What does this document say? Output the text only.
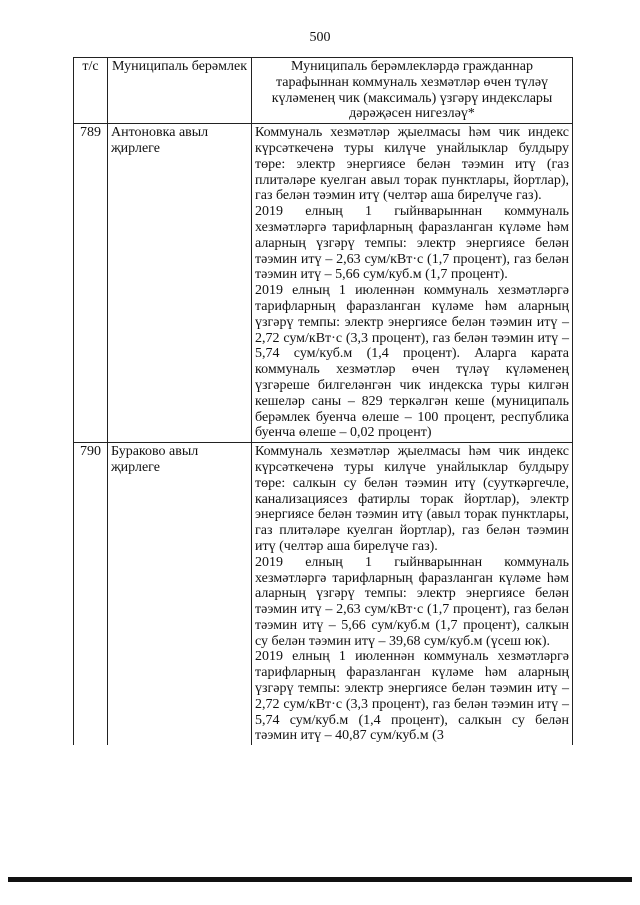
500
т/с	Муниципаль берәмлек	Муниципаль берәмлекләрдә гражданнар тарафыннан коммуналь хезмәтләр өчен түләү күләменең чик (максималь) үзгәрү индекслары дәрәҗәсен нигезләү*
789	Антоновка авыл җирлеге	Коммуналь хезмәтләр җыелмасы һәм чик индекс күрсәткеченә туры килүче унайлыклар булдыру төре: электр энергиясе белән тәэмин итү (газ плитәләре куелган авыл торак пунктлары, йортлар), газ белән тәэмин итү (челтәр аша бирелүче газ).

2019 елның 1 гыйнварыннан коммуналь хезмәтләргә тарифларның фаразланган күләме һәм аларның үзгәрү темпы: электр энергиясе белән тәэмин итү – 2,63 сум/кВт·с (1,7 процент), газ белән тәэмин итү – 5,66 сум/куб.м (1,7 процент).

2019 елның 1 июленнән коммуналь хезмәтләргә тарифларның фаразланган күләме һәм аларның үзгәрү темпы: электр энергиясе белән тәэмин итү – 2,72 сум/кВт·с (3,3 процент), газ белән тәэмин итү – 5,74 сум/куб.м (1,4 процент). Аларга карата коммуналь хезмәтләр өчен түләү күләменең үзгәреше билгеләнгән чик индекска туры килгән кешеләр саны – 829 теркәлгән кеше (муниципаль берәмлек буенча өлеше – 100 процент, республика буенча өлеше – 0,02 процент)

790	Бураково авыл җирлеге	Коммуналь хезмәтләр җыелмасы һәм чик индекс күрсәткеченә туры килүче унайлыклар булдыру төре: салкын су белән тәэмин итү (сууткәргечле, канализациясез фатирлы торак йортлар), электр энергиясе белән тәэмин итү (авыл торак пунктлары, газ плитәләре куелган йортлар), газ белән тәэмин итү (челтәр аша бирелүче газ).

2019 елның 1 гыйнварыннан коммуналь хезмәтләргә тарифларның фаразланган күләме һәм аларның үзгәрү темпы: электр энергиясе белән тәэмин итү – 2,63 сум/кВт·с (1,7 процент), газ белән тәэмин итү – 5,66 сум/куб.м (1,7 процент), салкын су белән тәэмин итү – 39,68 сум/куб.м (үсеш юк).

2019 елның 1 июленнән коммуналь хезмәтләргә тарифларның фаразланган күләме һәм аларның үзгәрү темпы: электр энергиясе белән тәэмин итү – 2,72 сум/кВт·с (3,3 процент), газ белән тәэмин итү – 5,74 сум/куб.м (1,4 процент), салкын су белән тәэмин итү – 40,87 сум/куб.м (3
